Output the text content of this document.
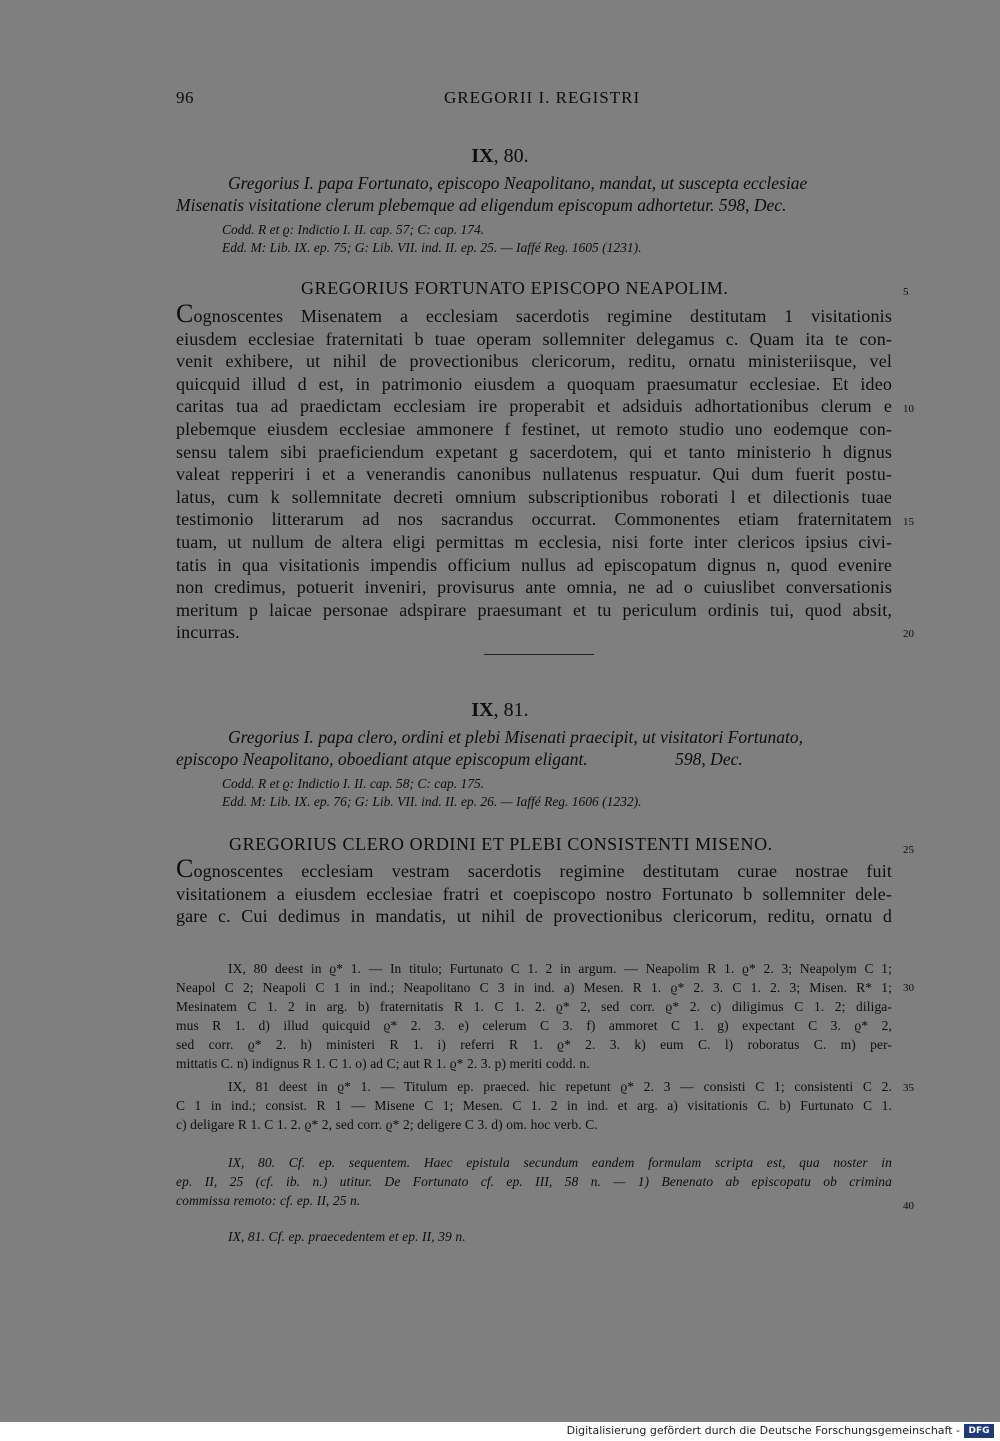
96	GREGORII I. REGISTRI
IX, 80.

Gregorius I. papa Fortunato, episcopo Neapolitano, mandat, ut suscepta ecclesiae

Misenatis visitatione clerum plebemque ad eligendum episcopum adhortetur. 598, Dec.

Codd. R et ϱ: Indictio I. II. cap. 57; C: cap. 174.
Edd. M: Lib. IX. ep. 75; G: Lib. VII. ind. II. ep. 25. — Iaffé Reg. 1605 (1231).
GREGORIUS FORTUNATO EPISCOPO NEAPOLIM.	5
Cognoscentes Misenatem a ecclesiam sacerdotis regimine destitutam 1 visitationis
eiusdem ecclesiae fraternitati b tuae operam sollemniter delegamus c. Quam ita te con-
venit exhibere, ut nihil de provectionibus clericorum, reditu, ornatu ministeriisque, vel
quicquid illud d est, in patrimonio eiusdem a quoquam praesumatur ecclesiae. Et ideo
caritas tua ad praedictam ecclesiam ire properabit et adsiduis adhortationibus clerum e
plebemque eiusdem ecclesiae ammonere f festinet, ut remoto studio uno eodemque con-
sensu talem sibi praeficiendum expetant g sacerdotem, qui et tanto ministerio h dignus
valeat repperiri i et a venerandis canonibus nullatenus respuatur. Qui dum fuerit postu-
latus, cum k sollemnitate decreti omnium subscriptionibus roborati l et dilectionis tuae
testimonio litterarum ad nos sacrandus occurrat. Commonentes etiam fraternitatem
tuam, ut nullum de altera eligi permittas m ecclesia, nisi forte inter clericos ipsius civi-
tatis in qua visitationis impendis officium nullus ad episcopatum dignus n, quod evenire
non credimus, potuerit inveniri, provisurus ante omnia, ne ad o cuiuslibet conversationis
meritum p laicae personae adspirare praesumant et tu periculum ordinis tui, quod absit,
incurras.
10
15
20
IX, 81.

Gregorius I. papa clero, ordini et plebi Misenati praecipit, ut visitatori Fortunato,

episcopo Neapolitano, oboediant atque episcopum eligant.                    598, Dec.

Codd. R et ϱ: Indictio I. II. cap. 58; C: cap. 175.
Edd. M: Lib. IX. ep. 76; G: Lib. VII. ind. II. ep. 26. — Iaffé Reg. 1606 (1232).
GREGORIUS CLERO ORDINI ET PLEBI CONSISTENTI MISENO.	25
Cognoscentes ecclesiam vestram sacerdotis regimine destitutam curae nostrae fuit
visitationem a eiusdem ecclesiae fratri et coepiscopo nostro Fortunato b sollemniter dele-
gare c. Cui dedimus in mandatis, ut nihil de provectionibus clericorum, reditu, ornatu d
IX, 80 deest in ϱ* 1. — In titulo; Furtunato C 1. 2 in argum. — Neapolim R 1. ϱ* 2. 3; Neapolym C 1;
Neapol C 2; Neapoli C 1 in ind.; Neapolitano C 3 in ind. a) Mesen. R 1. ϱ* 2. 3. C 1. 2. 3; Misen. R* 1;
Mesinatem C 1. 2 in arg. b) fraternitatis R 1. C 1. 2. ϱ* 2, sed corr. ϱ* 2. c) diligimus C 1. 2; diliga-
mus R 1. d) illud quicquid ϱ* 2. 3. e) celerum C 3. f) ammoret C 1. g) expectant C 3. ϱ* 2,
sed corr. ϱ* 2. h) ministeri R 1. i) referri R 1. ϱ* 2. 3. k) eum C. l) roboratus C. m) per-
mittatis C. n) indignus R 1. C 1. o) ad C; aut R 1. ϱ* 2. 3. p) meriti codd. n.
30
IX, 81 deest in ϱ* 1. — Titulum ep. praeced. hic repetunt ϱ* 2. 3 — consisti C 1; consistenti C 2.
C 1 in ind.; consist. R 1 — Misene C 1; Mesen. C 1. 2 in ind. et arg. a) visitationis C. b) Furtunato C 1.
c) deligare R 1. C 1. 2. ϱ* 2, sed corr. ϱ* 2; deligere C 3. d) om. hoc verb. C.
35
IX, 80. Cf. ep. sequentem. Haec epistula secundum eandem formulam scripta est, qua noster in
ep. II, 25 (cf. ib. n.) utitur. De Fortunato cf. ep. III, 58 n. — 1) Benenato ab episcopatu ob crimina
commissa remoto: cf. ep. II, 25 n.	40
IX, 81. Cf. ep. praecedentem et ep. II, 39 n.
Digitalisierung gefördert durch die Deutsche Forschungsgemeinschaft - DFG
